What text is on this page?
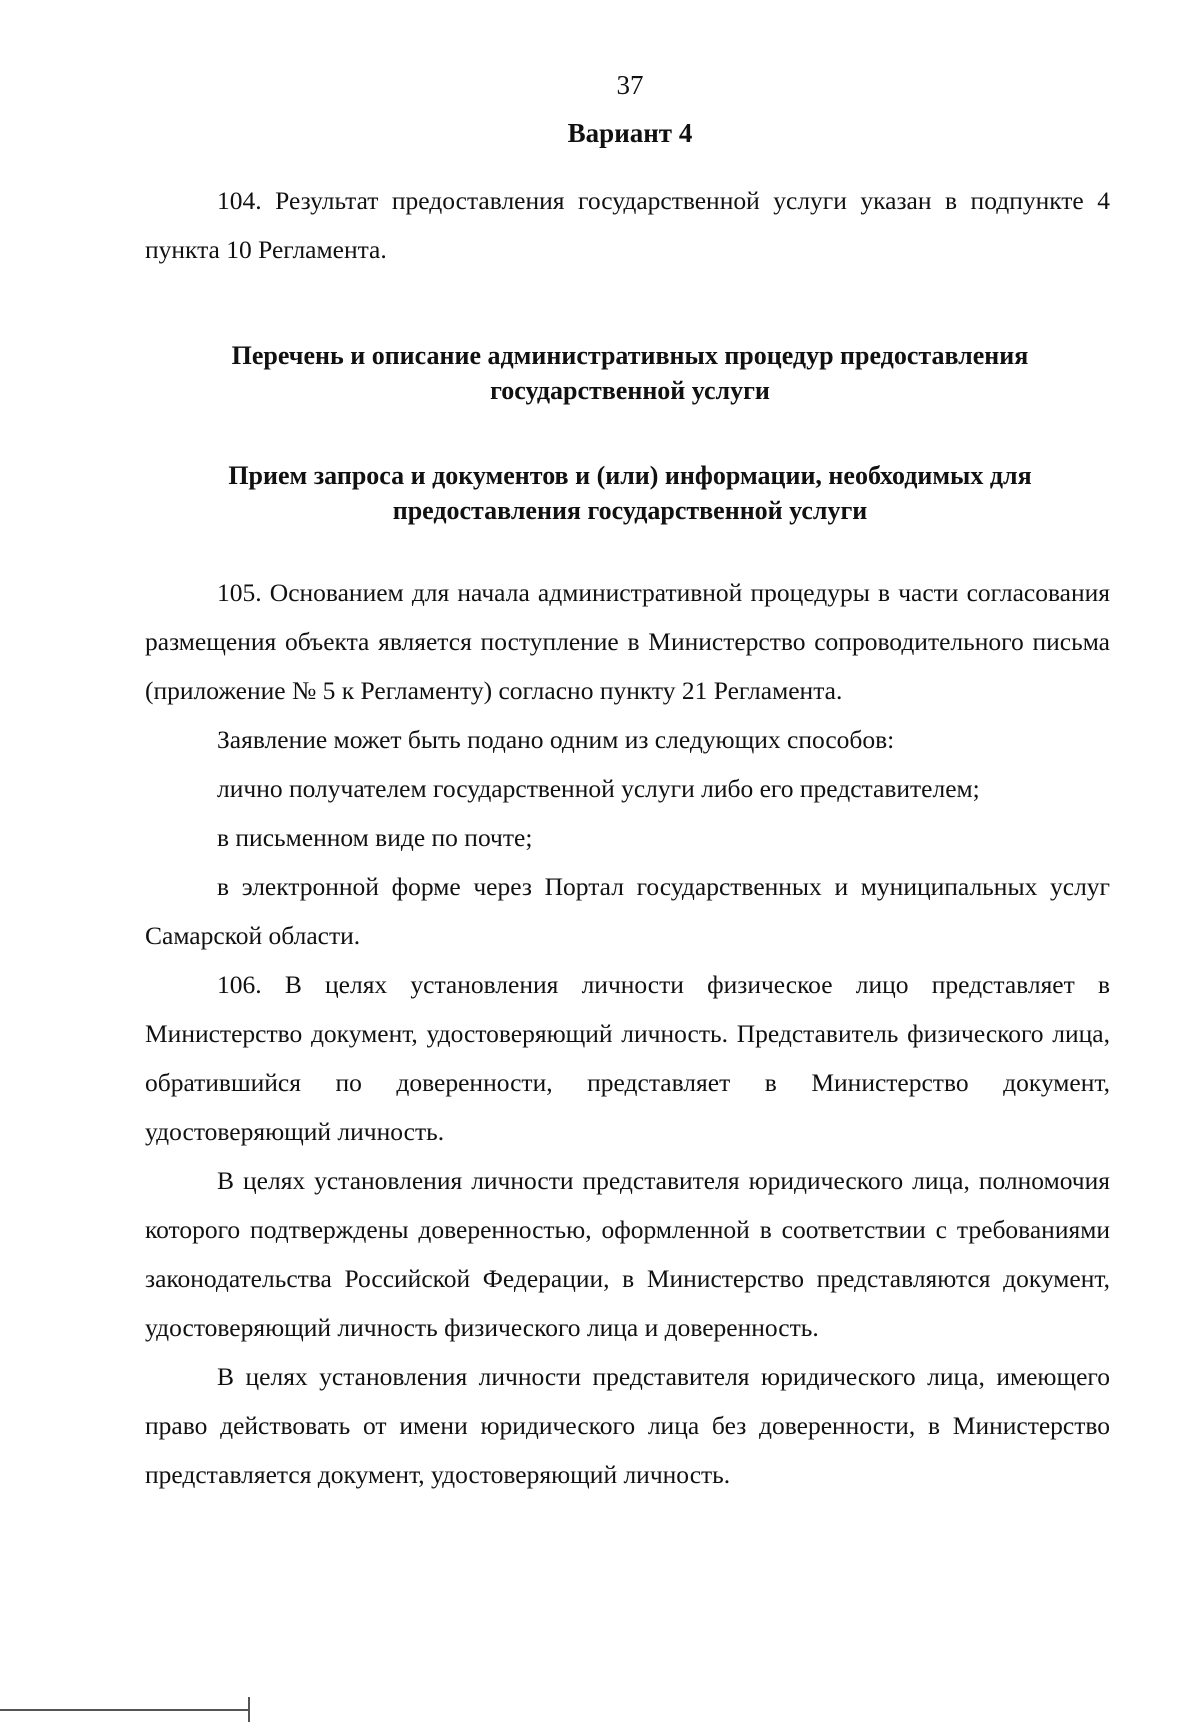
37
Вариант 4

104. Результат предоставления государственной услуги указан в подпункте 4 пункта 10 Регламента.

Перечень и описание административных процедур предоставления
государственной услуги
Прием запроса и документов и (или) информации, необходимых для
предоставления государственной услуги

105. Основанием для начала административной процедуры в части согласования размещения объекта является поступление в Министерство сопроводительного письма (приложение № 5 к Регламенту) согласно пункту 21 Регламента.

Заявление может быть подано одним из следующих способов:

лично получателем государственной услуги либо его представителем;

в письменном виде по почте;

в электронной форме через Портал государственных и муниципальных услуг Самарской области.

106. В целях установления личности физическое лицо представляет в Министерство документ, удостоверяющий личность. Представитель физического лица, обратившийся по доверенности, представляет в Министерство документ, удостоверяющий личность.

В целях установления личности представителя юридического лица, полномочия которого подтверждены доверенностью, оформленной в соответствии с требованиями законодательства Российской Федерации, в Министерство представляются документ, удостоверяющий личность физического лица и доверенность.

В целях установления личности представителя юридического лица, имеющего право действовать от имени юридического лица без доверенности, в Министерство представляется документ, удостоверяющий личность.
